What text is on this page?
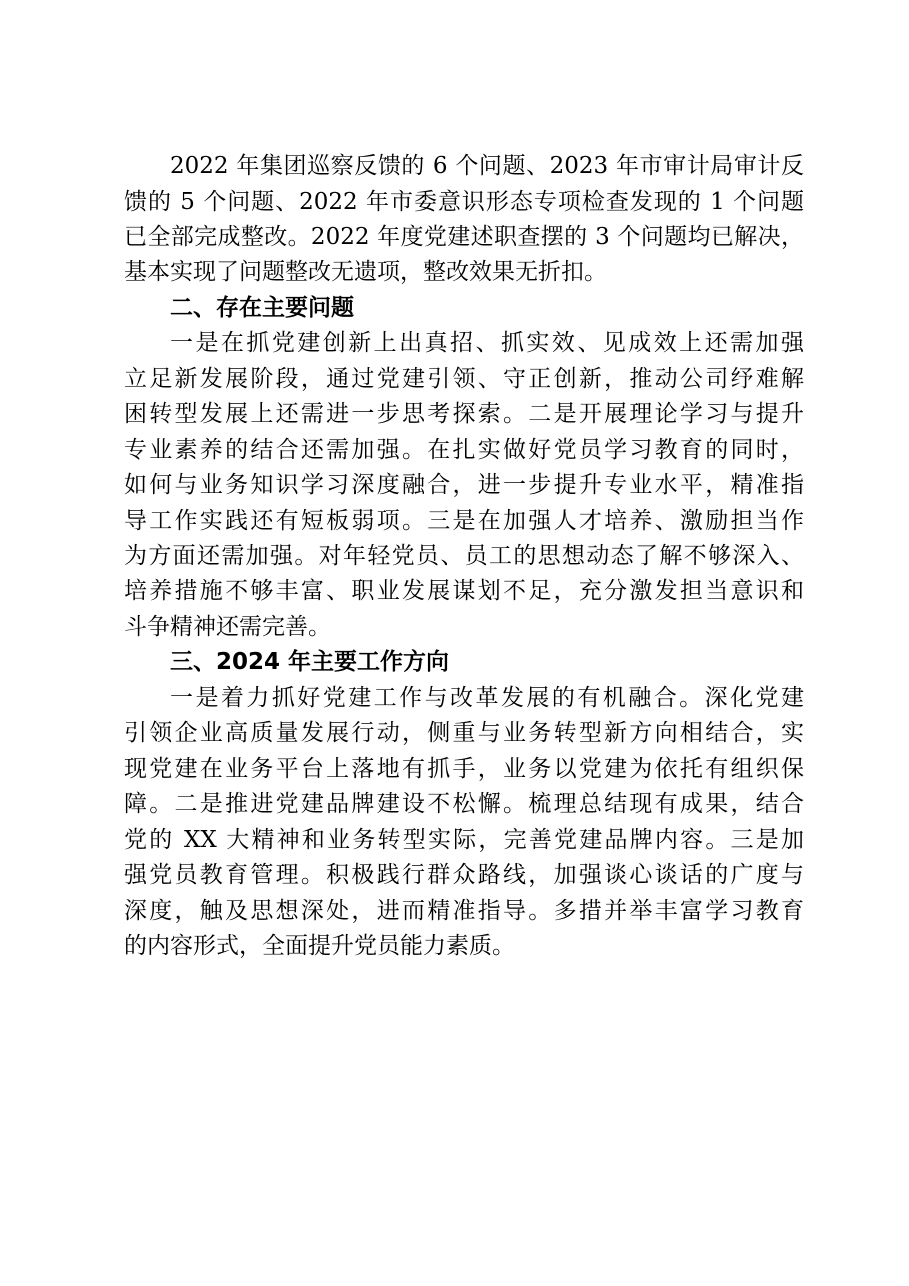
2022 年集团巡察反馈的 6 个问题、2023 年市审计局审计反
馈的 5 个问题、2022 年市委意识形态专项检查发现的 1 个问题
已全部完成整改。2022 年度党建述职查摆的 3 个问题均已解决，
基本实现了问题整改无遗项，整改效果无折扣。
二、存在主要问题
一是在抓党建创新上出真招、抓实效、见成效上还需加强
立足新发展阶段，通过党建引领、守正创新，推动公司纾难解
困转型发展上还需进一步思考探索。二是开展理论学习与提升
专业素养的结合还需加强。在扎实做好党员学习教育的同时，
如何与业务知识学习深度融合，进一步提升专业水平，精准指
导工作实践还有短板弱项。三是在加强人才培养、激励担当作
为方面还需加强。对年轻党员、员工的思想动态了解不够深入、
培养措施不够丰富、职业发展谋划不足，充分激发担当意识和
斗争精神还需完善。
三、2024 年主要工作方向
一是着力抓好党建工作与改革发展的有机融合。深化党建
引领企业高质量发展行动，侧重与业务转型新方向相结合，实
现党建在业务平台上落地有抓手，业务以党建为依托有组织保
障。二是推进党建品牌建设不松懈。梳理总结现有成果，结合
党的 XX 大精神和业务转型实际，完善党建品牌内容。三是加
强党员教育管理。积极践行群众路线，加强谈心谈话的广度与
深度，触及思想深处，进而精准指导。多措并举丰富学习教育
的内容形式，全面提升党员能力素质。
